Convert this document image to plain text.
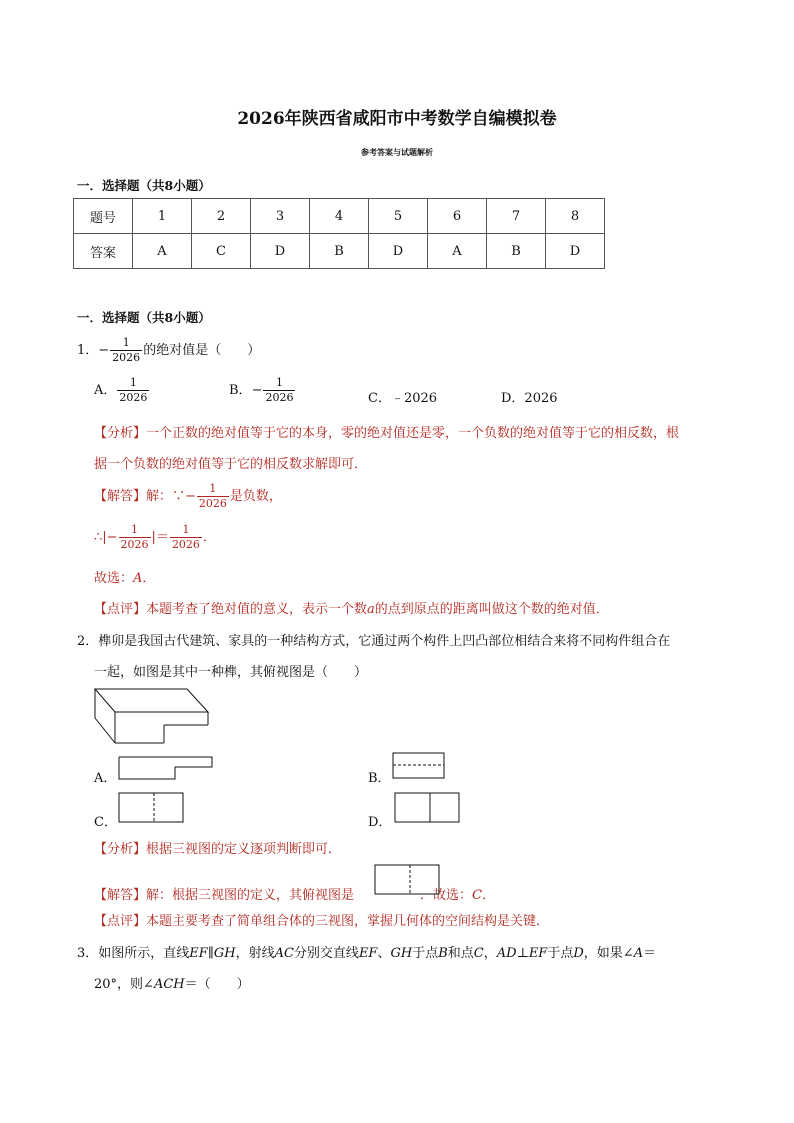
2026年陕西省咸阳市中考数学自编模拟卷
参考答案与试题解析
一．选择题（共8小题）
题号	1	2	3	4	5	6	7	8
答案	A	C	D	B	D	A	B	D
一．选择题（共8小题）
1．− $\frac{1}{2026}$ 的绝对值是（　　）
A． $\frac{1}{2026}$	B．− $\frac{1}{2026}$	C．﹣2026	D．2026
【分析】一个正数的绝对值等于它的本身，零的绝对值还是零，一个负数的绝对值等于它的相反数，根
据一个负数的绝对值等于它的相反数求解即可．
【解答】解：∵− $\frac{1}{2026}$ 是负数，
∴|− $\frac{1}{2026}$ |＝ $\frac{1}{2026}$ ．
故选：A．
【点评】本题考查了绝对值的意义，表示一个数a的点到原点的距离叫做这个数的绝对值．
2．榫卯是我国古代建筑、家具的一种结构方式，它通过两个构件上凹凸部位相结合来将不同构件组合在
一起，如图是其中一种榫，其俯视图是（　　）
A．	B．
C．	D．
【分析】根据三视图的定义逐项判断即可．
【解答】解：根据三视图的定义，其俯视图是	．故选：C．
【点评】本题主要考查了简单组合体的三视图，掌握几何体的空间结构是关键．
3．如图所示，直线EF∥GH，射线AC分别交直线EF、GH于点B和点C，AD⊥EF于点D，如果∠A＝
20°，则∠ACH＝（　　）
